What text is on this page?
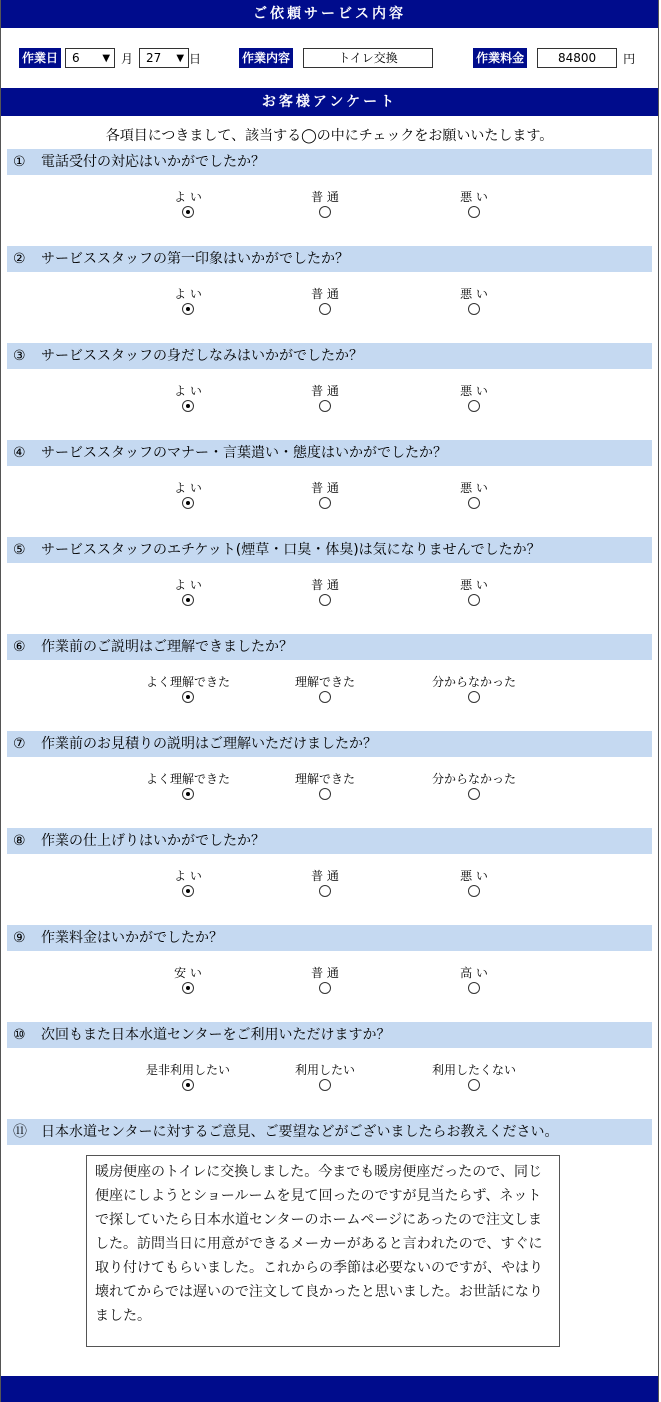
ご依頼サービス内容
作業日	6	▼ 月	27	▼ 日	作業内容	トイレ交換	作業料金	84800	円
お客様アンケート
各項目につきまして、該当する◯の中にチェックをお願いいたします。
① 電話受付の対応はいかがでしたか？
よ い	普 通	悪 い
② サービススタッフの第一印象はいかがでしたか？
よ い	普 通	悪 い
③ サービススタッフの身だしなみはいかがでしたか？
よ い	普 通	悪 い
④ サービススタッフのマナー・言葉遣い・態度はいかがでしたか？
よ い	普 通	悪 い
⑤ サービススタッフのエチケット(煙草・口臭・体臭)は気になりませんでしたか？
よ い	普 通	悪 い
⑥ 作業前のご説明はご理解できましたか？
よく理解できた	理解できた	分からなかった
⑦ 作業前のお見積りの説明はご理解いただけましたか？
よく理解できた	理解できた	分からなかった
⑧ 作業の仕上げりはいかがでしたか？
よ い	普 通	悪 い
⑨ 作業料金はいかがでしたか？
安 い	普 通	高 い
⑩ 次回もまた日本水道センターをご利用いただけますか？
是非利用したい	利用したい	利用したくない
⑪ 日本水道センターに対するご意見、ご要望などがございましたらお教えください。
暖房便座のトイレに交換しました。今までも暖房便座だったので、同じ便座にしようとショールームを見て回ったのですが見当たらず、ネットで探していたら日本水道センターのホームページにあったので注文しました。訪問当日に用意ができるメーカーがあると言われたので、すぐに取り付けてもらいました。これからの季節は必要ないのですが、やはり壊れてからでは遅いので注文して良かったと思いました。お世話になりました。
